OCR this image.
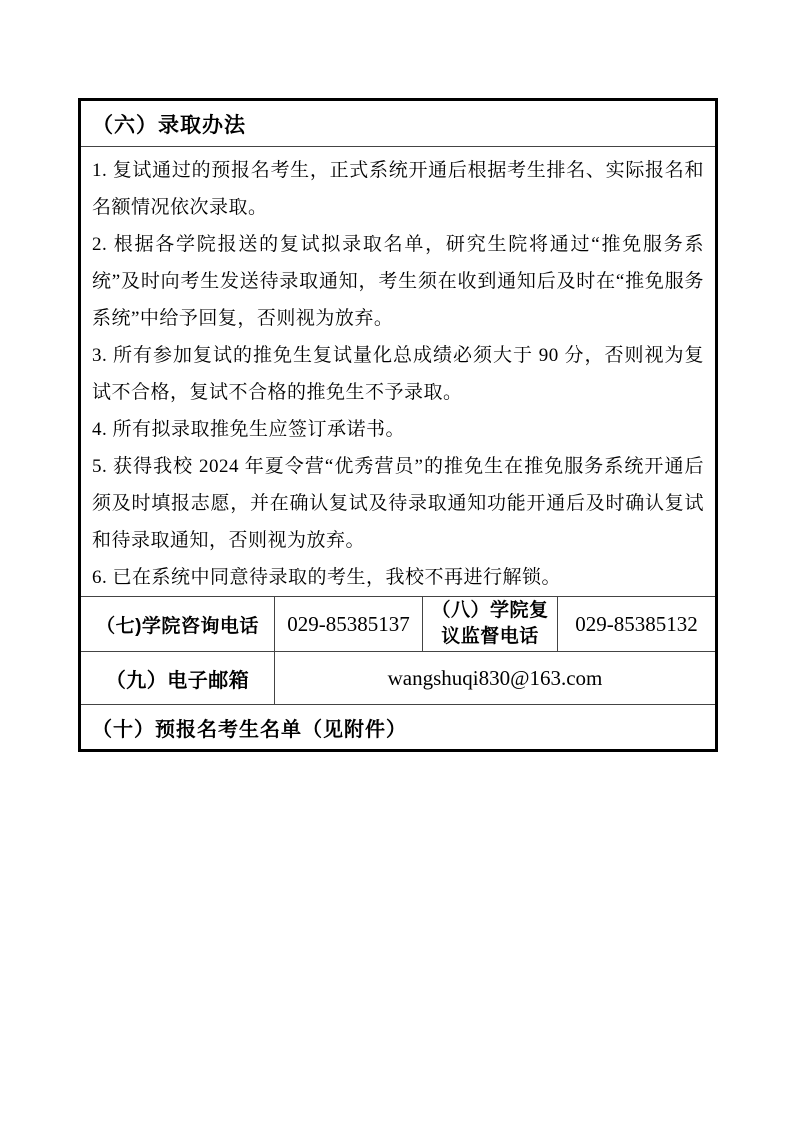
（六）录取办法

1. 复试通过的预报名考生，正式系统开通后根据考生排名、实际报名和名额情况依次录取。

2. 根据各学院报送的复试拟录取名单，研究生院将通过“推免服务系统”及时向考生发送待录取通知，考生须在收到通知后及时在“推免服务系统”中给予回复，否则视为放弃。

3. 所有参加复试的推免生复试量化总成绩必须大于 90 分，否则视为复试不合格，复试不合格的推免生不予录取。

4. 所有拟录取推免生应签订承诺书。

5. 获得我校 2024 年夏令营“优秀营员”的推免生在推免服务系统开通后须及时填报志愿，并在确认复试及待录取通知功能开通后及时确认复试和待录取通知，否则视为放弃。

6. 已在系统中同意待录取的考生，我校不再进行解锁。

（七)学院咨询电话 029-85385137
（八）学院复议监督电话
029-85385132
（九）电子邮箱	wangshuqi830@163.com
（十）预报名考生名单（见附件）
